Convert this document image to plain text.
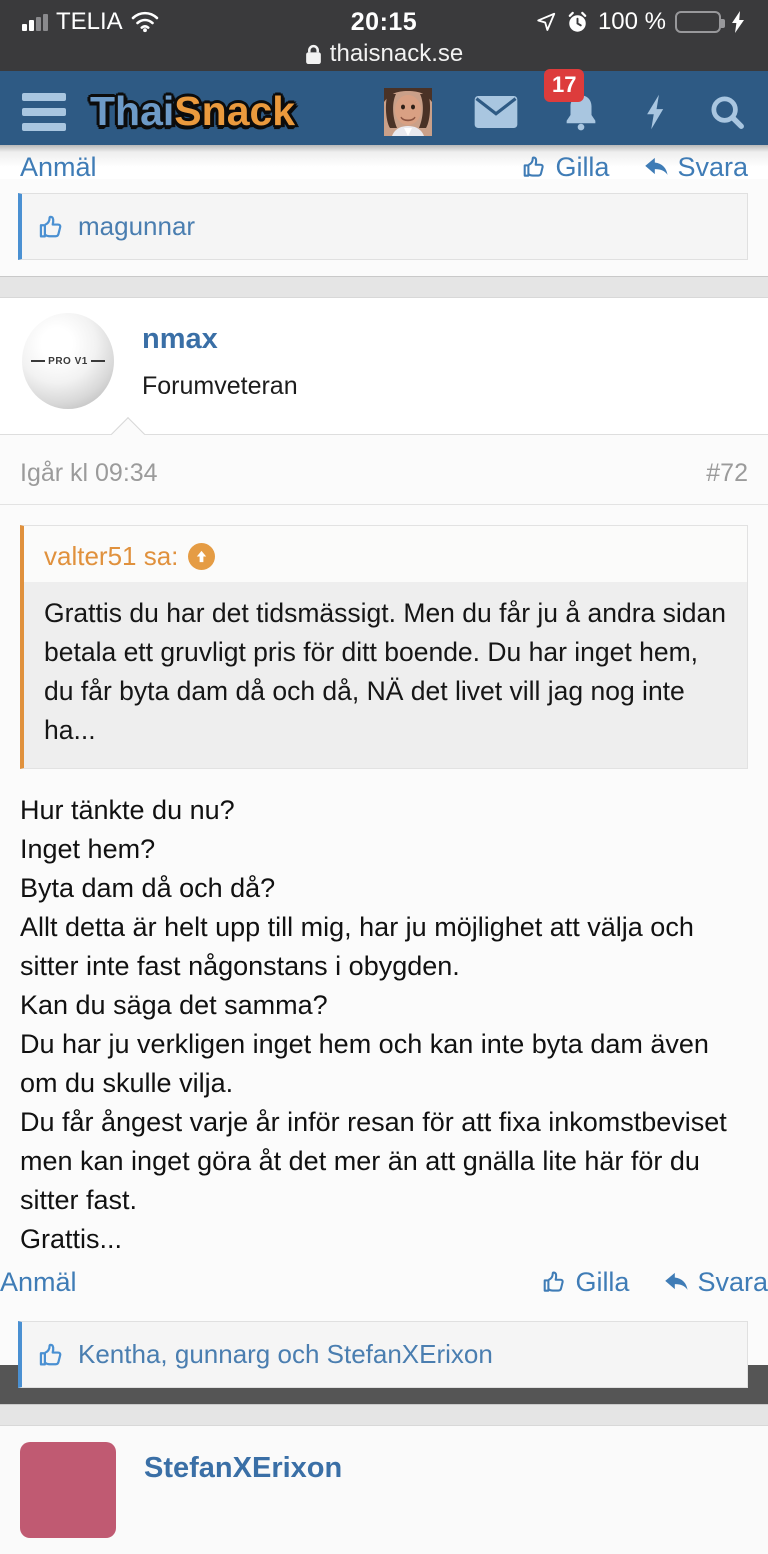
TELIA	20:15	100 %
thaisnack.se
ThaiSnack
17
Anmäl	Gilla	Svara
magunnar
PRO V1
nmax
Forumveteran
Igår kl 09:34	#72
valter51 sa:
Grattis du har det tidsmässigt. Men du får ju å andra sidan betala ett gruvligt pris för ditt boende. Du har inget hem, du får byta dam då och då, NÄ det livet vill jag nog inte ha...

Hur tänkte du nu?

Inget hem?

Byta dam då och då?

Allt detta är helt upp till mig, har ju möjlighet att välja och sitter inte fast någonstans i obygden.

Kan du säga det samma?

Du har ju verkligen inget hem och kan inte byta dam även om du skulle vilja.

Du får ångest varje år inför resan för att fixa inkomstbeviset men kan inget göra åt det mer än att gnälla lite här för du sitter fast.

Grattis...

Anmäl	Gilla	Svara
Kentha, gunnarg och StefanXErixon
StefanXErixon
